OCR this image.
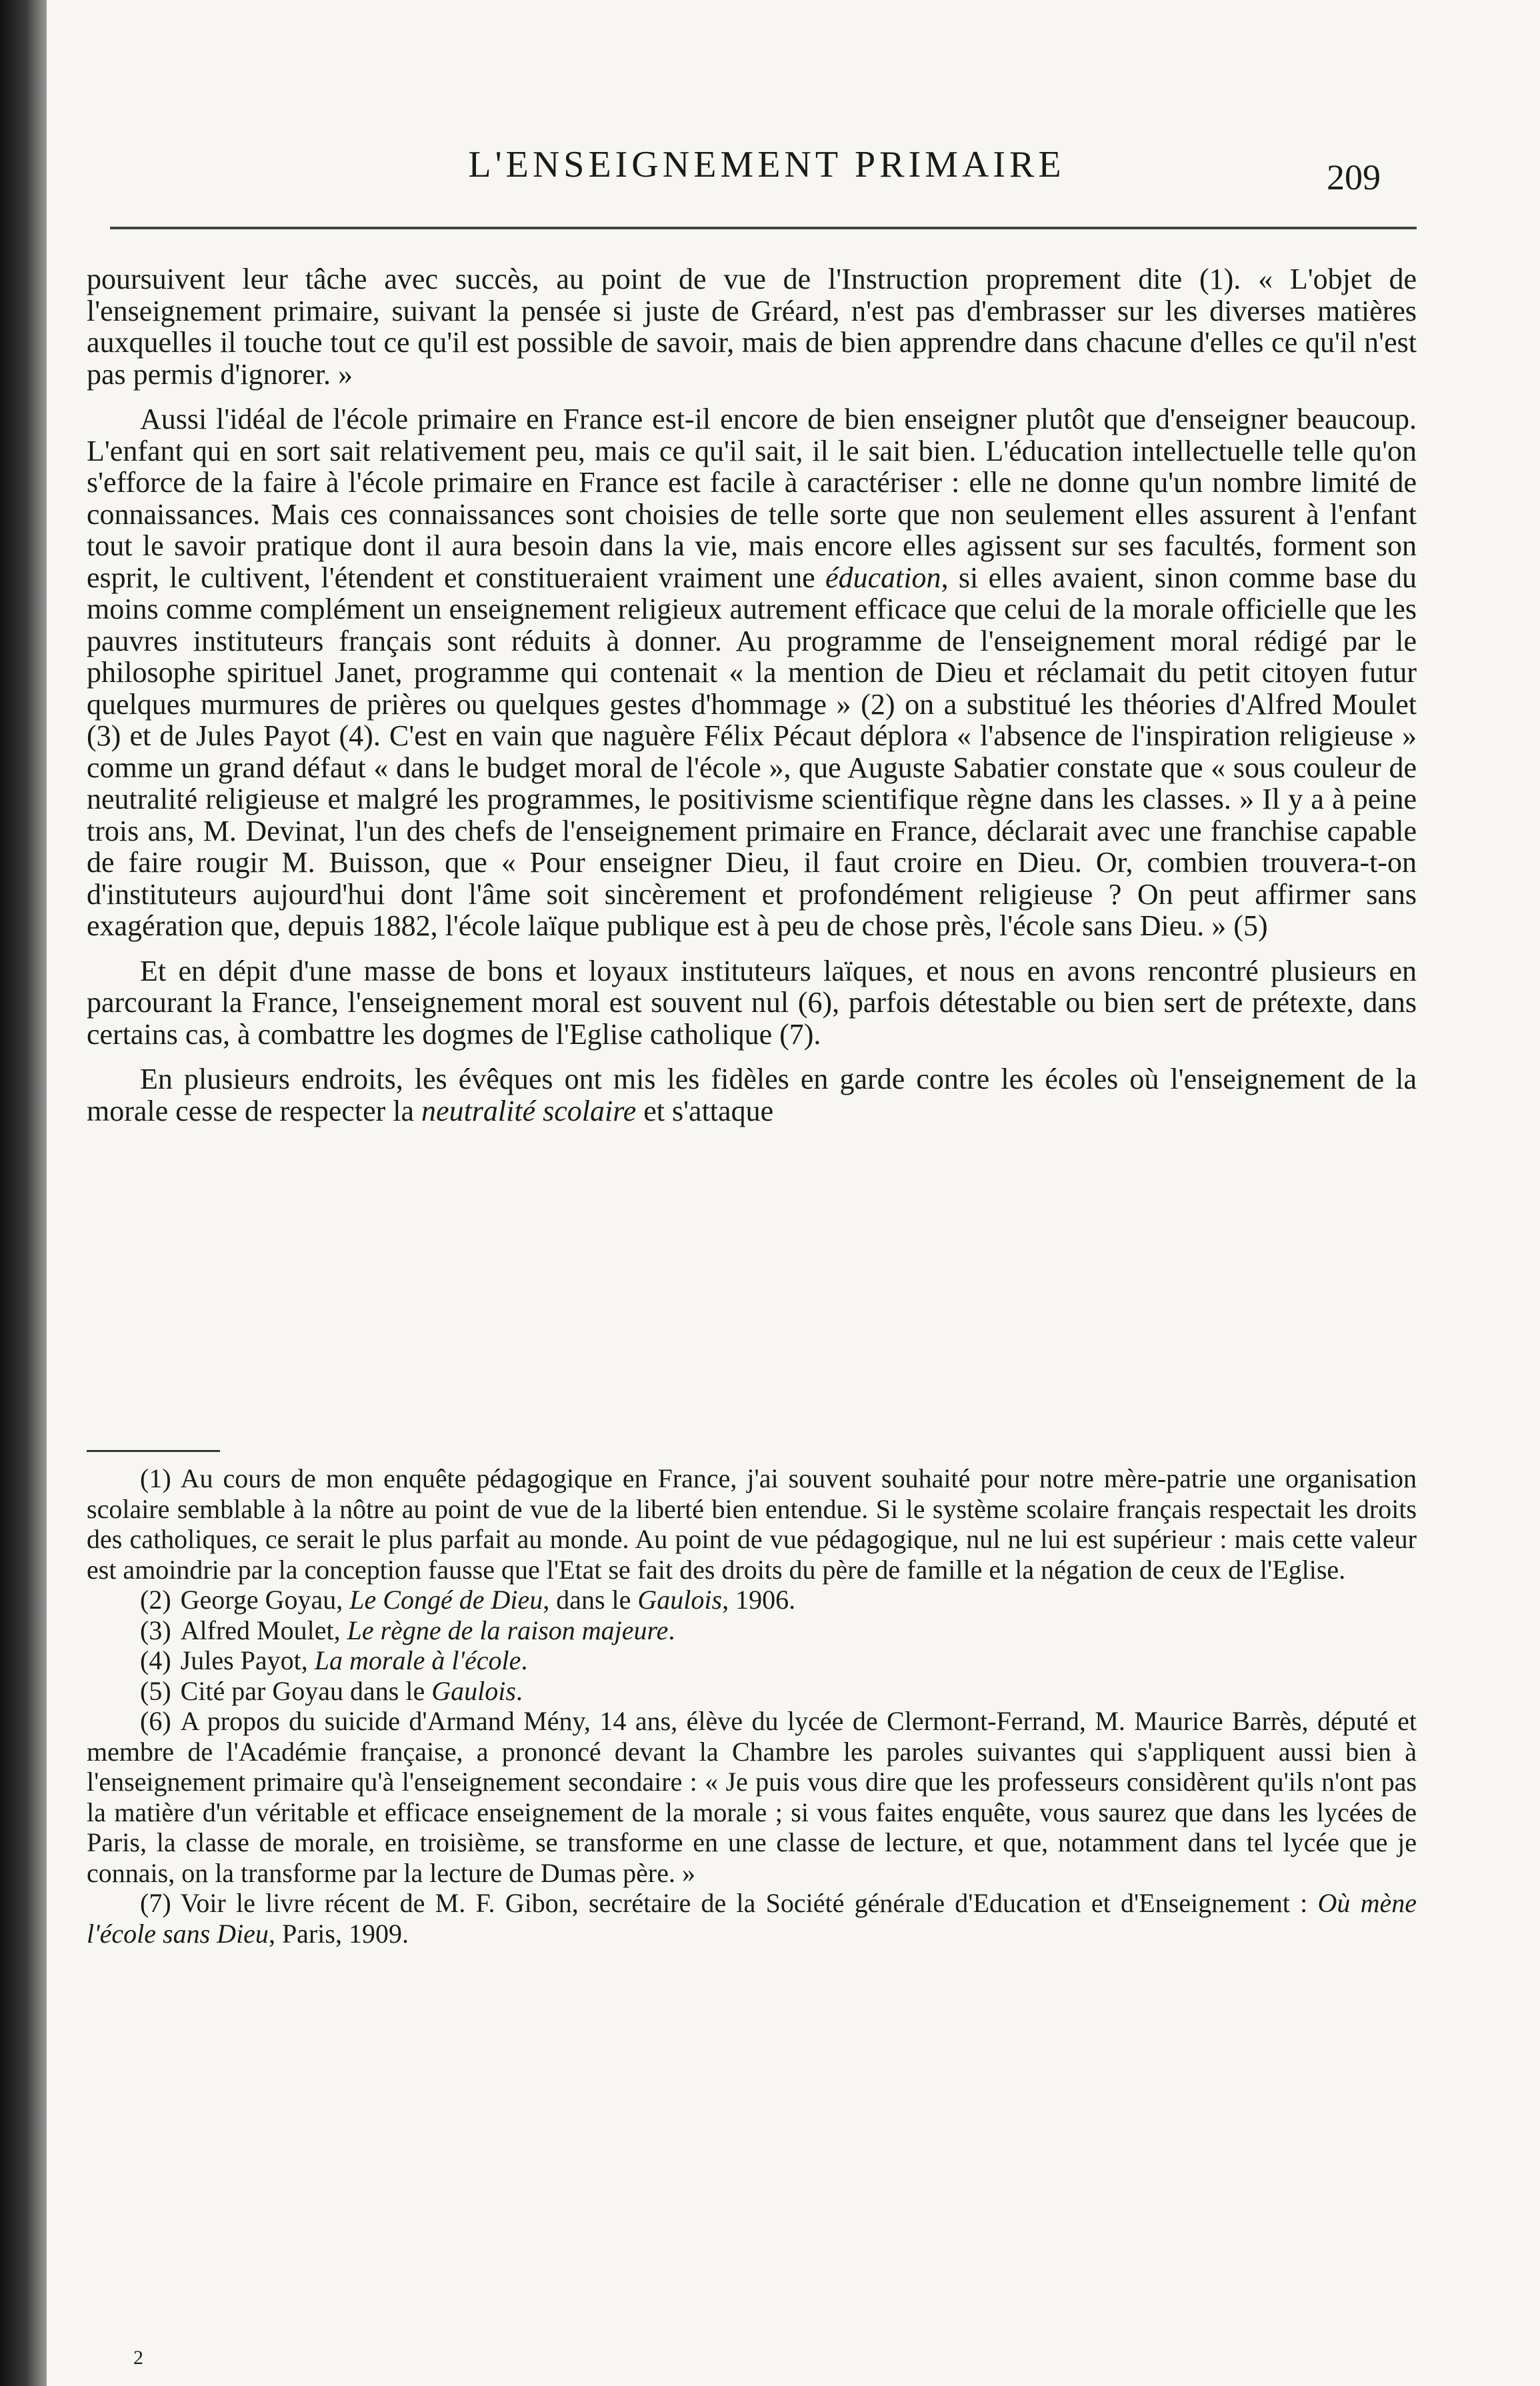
L'ENSEIGNEMENT PRIMAIRE	209

poursuivent leur tâche avec succès, au point de vue de l'Instruction proprement dite (1). « L'objet de l'enseignement primaire, suivant la pensée si juste de Gréard, n'est pas d'embrasser sur les diverses matières auxquelles il touche tout ce qu'il est possible de savoir, mais de bien apprendre dans chacune d'elles ce qu'il n'est pas permis d'ignorer. »

Aussi l'idéal de l'école primaire en France est-il encore de bien enseigner plutôt que d'enseigner beaucoup. L'enfant qui en sort sait relativement peu, mais ce qu'il sait, il le sait bien. L'éducation intellectuelle telle qu'on s'efforce de la faire à l'école primaire en France est facile à caractériser : elle ne donne qu'un nombre limité de connaissances. Mais ces connaissances sont choisies de telle sorte que non seulement elles assurent à l'enfant tout le savoir pratique dont il aura besoin dans la vie, mais encore elles agissent sur ses facultés, forment son esprit, le cultivent, l'étendent et constitueraient vraiment une éducation, si elles avaient, sinon comme base du moins comme complément un enseignement religieux autrement efficace que celui de la morale officielle que les pauvres instituteurs français sont réduits à donner. Au programme de l'enseignement moral rédigé par le philosophe spirituel Janet, programme qui contenait « la mention de Dieu et réclamait du petit citoyen futur quelques murmures de prières ou quelques gestes d'hommage » (2) on a substitué les théories d'Alfred Moulet (3) et de Jules Payot (4). C'est en vain que naguère Félix Pécaut déplora « l'absence de l'inspiration religieuse » comme un grand défaut « dans le budget moral de l'école », que Auguste Sabatier constate que « sous couleur de neutralité religieuse et malgré les programmes, le positivisme scientifique règne dans les classes. » Il y a à peine trois ans, M. Devinat, l'un des chefs de l'enseignement primaire en France, déclarait avec une franchise capable de faire rougir M. Buisson, que « Pour enseigner Dieu, il faut croire en Dieu. Or, combien trouvera-t-on d'instituteurs aujourd'hui dont l'âme soit sincèrement et profondément religieuse ? On peut affirmer sans exagération que, depuis 1882, l'école laïque publique est à peu de chose près, l'école sans Dieu. » (5)

Et en dépit d'une masse de bons et loyaux instituteurs laïques, et nous en avons rencontré plusieurs en parcourant la France, l'enseignement moral est souvent nul (6), parfois détestable ou bien sert de prétexte, dans certains cas, à combattre les dogmes de l'Eglise catholique (7).

En plusieurs endroits, les évêques ont mis les fidèles en garde contre les écoles où l'enseignement de la morale cesse de respecter la neutralité scolaire et s'attaque

(1) Au cours de mon enquête pédagogique en France, j'ai souvent souhaité pour notre mère-patrie une organisation scolaire semblable à la nôtre au point de vue de la liberté bien entendue. Si le système scolaire français respectait les droits des catholiques, ce serait le plus parfait au monde. Au point de vue pédagogique, nul ne lui est supérieur : mais cette valeur est amoindrie par la conception fausse que l'Etat se fait des droits du père de famille et la négation de ceux de l'Eglise.

(2) George Goyau, Le Congé de Dieu, dans le Gaulois, 1906.

(3) Alfred Moulet, Le règne de la raison majeure.

(4) Jules Payot, La morale à l'école.

(5) Cité par Goyau dans le Gaulois.

(6) A propos du suicide d'Armand Mény, 14 ans, élève du lycée de Clermont-Ferrand, M. Maurice Barrès, député et membre de l'Académie française, a prononcé devant la Chambre les paroles suivantes qui s'appliquent aussi bien à l'enseignement primaire qu'à l'enseignement secondaire : « Je puis vous dire que les professeurs considèrent qu'ils n'ont pas la matière d'un véritable et efficace enseignement de la morale ; si vous faites enquête, vous saurez que dans les lycées de Paris, la classe de morale, en troisième, se transforme en une classe de lecture, et que, notamment dans tel lycée que je connais, on la transforme par la lecture de Dumas père. »

(7) Voir le livre récent de M. F. Gibon, secrétaire de la Société générale d'Education et d'Enseignement : Où mène l'école sans Dieu, Paris, 1909.

2
